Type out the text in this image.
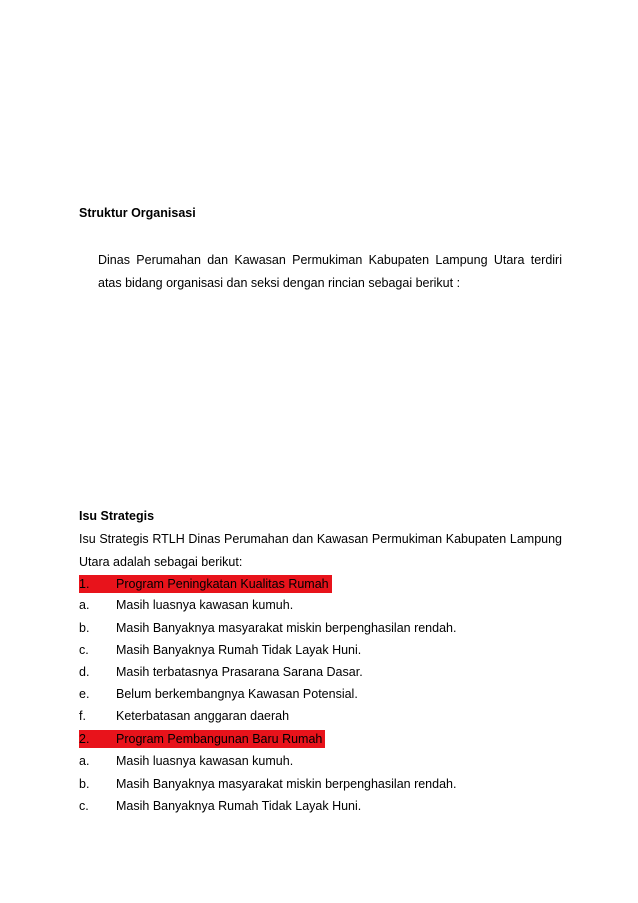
Struktur Organisasi
Dinas Perumahan dan Kawasan Permukiman Kabupaten Lampung Utara terdiri atas bidang organisasi dan seksi dengan rincian sebagai berikut :
Isu Strategis
Isu Strategis RTLH Dinas Perumahan dan Kawasan Permukiman Kabupaten Lampung Utara adalah sebagai berikut:
1.	Program Peningkatan Kualitas Rumah
a.	Masih luasnya kawasan kumuh.
b.	Masih Banyaknya masyarakat miskin berpenghasilan rendah.
c.	Masih Banyaknya Rumah Tidak Layak Huni.
d.	Masih terbatasnya Prasarana Sarana Dasar.
e.	Belum berkembangnya Kawasan Potensial.
f.	Keterbatasan anggaran daerah
2.	Program Pembangunan Baru Rumah
a.	Masih luasnya kawasan kumuh.
b.	Masih Banyaknya masyarakat miskin berpenghasilan rendah.
c.	Masih Banyaknya Rumah Tidak Layak Huni.
